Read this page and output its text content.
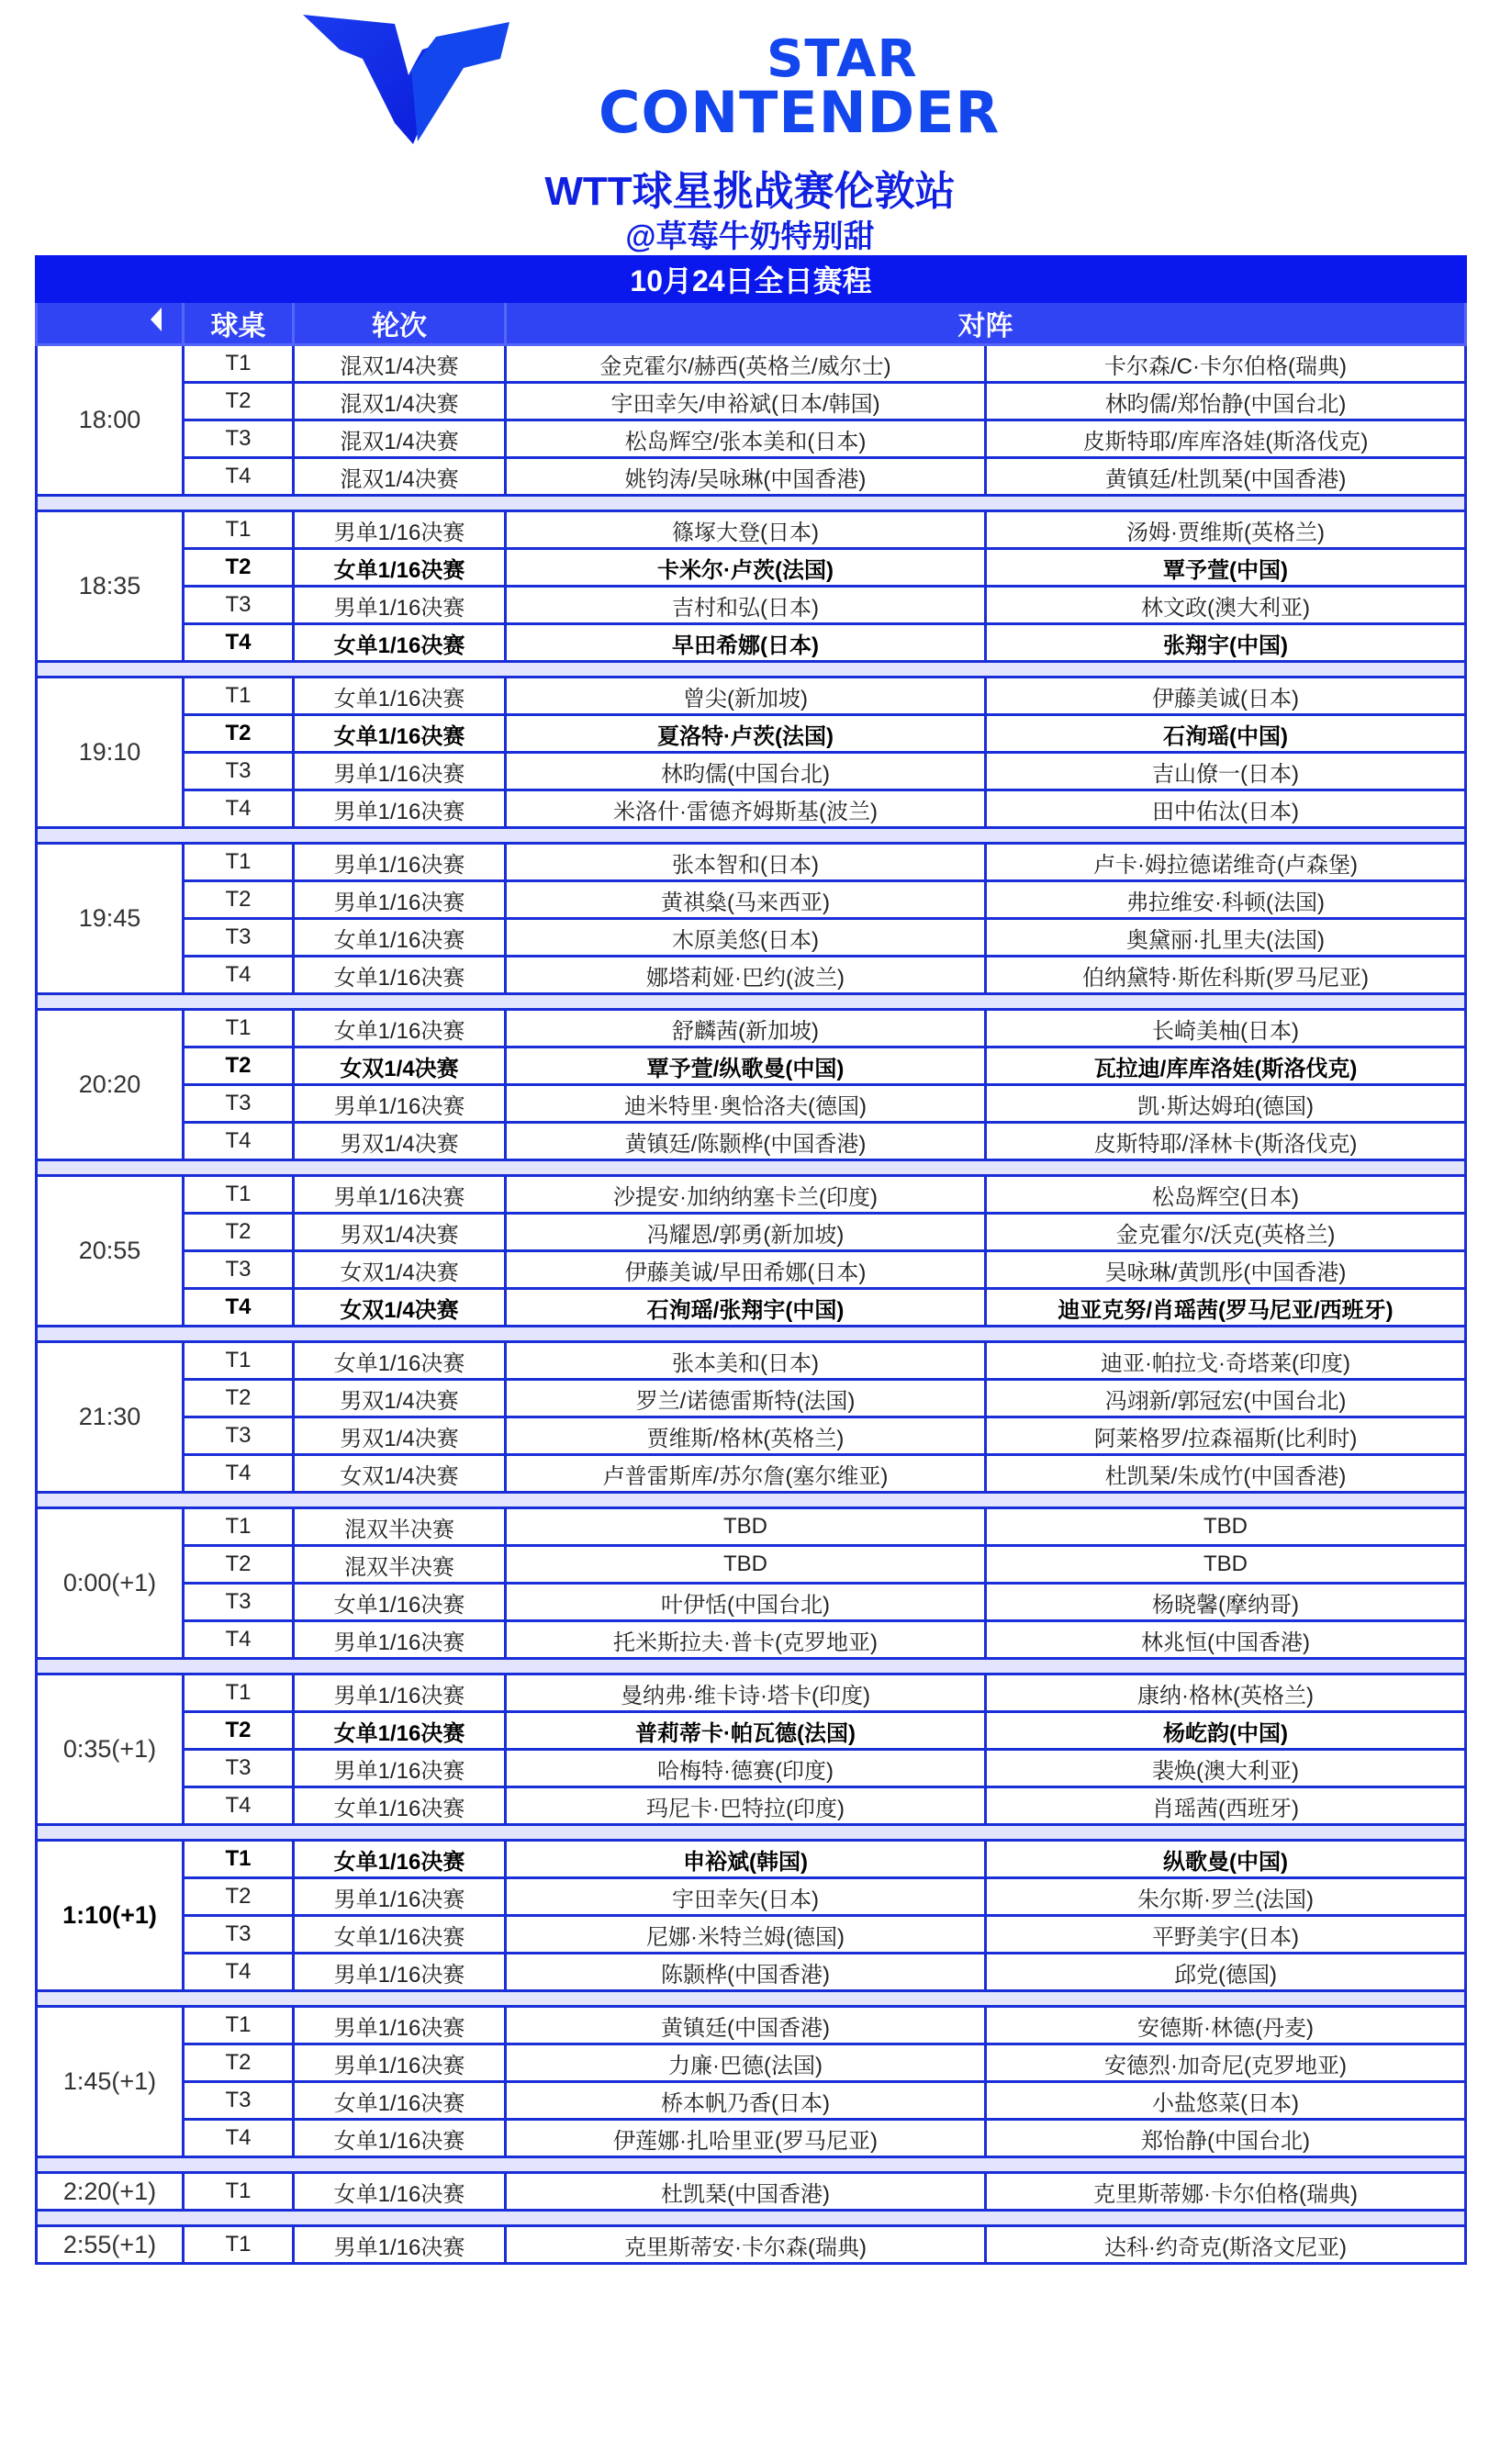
STAR
CONTENDER
WTT球星挑战赛伦敦站
@草莓牛奶特别甜
10月24日全日赛程				
	球桌	轮次	对阵	
18:00	T1	混双1/4决赛	金克霍尔/赫西(英格兰/威尔士)	卡尔森/C·卡尔伯格(瑞典)
	T2	混双1/4决赛	宇田幸矢/申裕斌(日本/韩国)	林昀儒/郑怡静(中国台北)
	T3	混双1/4决赛	松岛辉空/张本美和(日本)	皮斯特耶/库库洛娃(斯洛伐克)
	T4	混双1/4决赛	姚钧涛/吴咏琳(中国香港)	黄镇廷/杜凯琹(中国香港)

18:35	T1	男单1/16决赛	篠塚大登(日本)	汤姆·贾维斯(英格兰)
	T2	女单1/16决赛	卡米尔·卢茨(法国)	覃予萱(中国)
	T3	男单1/16决赛	吉村和弘(日本)	林文政(澳大利亚)
	T4	女单1/16决赛	早田希娜(日本)	张翔宇(中国)

19:10	T1	女单1/16决赛	曾尖(新加坡)	伊藤美诚(日本)
	T2	女单1/16决赛	夏洛特·卢茨(法国)	石洵瑶(中国)
	T3	男单1/16决赛	林昀儒(中国台北)	吉山僚一(日本)
	T4	男单1/16决赛	米洛什·雷德齐姆斯基(波兰)	田中佑汰(日本)

19:45	T1	男单1/16决赛	张本智和(日本)	卢卡·姆拉德诺维奇(卢森堡)
	T2	男单1/16决赛	黄祺燊(马来西亚)	弗拉维安·科顿(法国)
	T3	女单1/16决赛	木原美悠(日本)	奥黛丽·扎里夫(法国)
	T4	女单1/16决赛	娜塔莉娅·巴约(波兰)	伯纳黛特·斯佐科斯(罗马尼亚)

20:20	T1	女单1/16决赛	舒麟茜(新加坡)	长崎美柚(日本)
	T2	女双1/4决赛	覃予萱/纵歌曼(中国)	瓦拉迪/库库洛娃(斯洛伐克)
	T3	男单1/16决赛	迪米特里·奥恰洛夫(德国)	凯·斯达姆珀(德国)
	T4	男双1/4决赛	黄镇廷/陈颢桦(中国香港)	皮斯特耶/泽林卡(斯洛伐克)

20:55	T1	男单1/16决赛	沙提安·加纳纳塞卡兰(印度)	松岛辉空(日本)
	T2	男双1/4决赛	冯耀恩/郭勇(新加坡)	金克霍尔/沃克(英格兰)
	T3	女双1/4决赛	伊藤美诚/早田希娜(日本)	吴咏琳/黄凯彤(中国香港)
	T4	女双1/4决赛	石洵瑶/张翔宇(中国)	迪亚克努/肖瑶茜(罗马尼亚/西班牙)

21:30	T1	女单1/16决赛	张本美和(日本)	迪亚·帕拉戈·奇塔莱(印度)
	T2	男双1/4决赛	罗兰/诺德雷斯特(法国)	冯翊新/郭冠宏(中国台北)
	T3	男双1/4决赛	贾维斯/格林(英格兰)	阿莱格罗/拉森福斯(比利时)
	T4	女双1/4决赛	卢普雷斯库/苏尔詹(塞尔维亚)	杜凯琹/朱成竹(中国香港)

0:00(+1)	T1	混双半决赛	TBD	TBD
	T2	混双半决赛	TBD	TBD
	T3	女单1/16决赛	叶伊恬(中国台北)	杨晓馨(摩纳哥)
	T4	男单1/16决赛	托米斯拉夫·普卡(克罗地亚)	林兆恒(中国香港)

0:35(+1)	T1	男单1/16决赛	曼纳弗·维卡诗·塔卡(印度)	康纳·格林(英格兰)
	T2	女单1/16决赛	普莉蒂卡·帕瓦德(法国)	杨屹韵(中国)
	T3	男单1/16决赛	哈梅特·德赛(印度)	裴焕(澳大利亚)
	T4	女单1/16决赛	玛尼卡·巴特拉(印度)	肖瑶茜(西班牙)

1:10(+1)	T1	女单1/16决赛	申裕斌(韩国)	纵歌曼(中国)
	T2	男单1/16决赛	宇田幸矢(日本)	朱尔斯·罗兰(法国)
	T3	女单1/16决赛	尼娜·米特兰姆(德国)	平野美宇(日本)
	T4	男单1/16决赛	陈颢桦(中国香港)	邱党(德国)

1:45(+1)	T1	男单1/16决赛	黄镇廷(中国香港)	安德斯·林德(丹麦)
	T2	男单1/16决赛	力廉·巴德(法国)	安德烈·加奇尼(克罗地亚)
	T3	女单1/16决赛	桥本帆乃香(日本)	小盐悠菜(日本)
	T4	女单1/16决赛	伊莲娜·扎哈里亚(罗马尼亚)	郑怡静(中国台北)

2:20(+1)	T1	女单1/16决赛	杜凯琹(中国香港)	克里斯蒂娜·卡尔伯格(瑞典)

2:55(+1)	T1	男单1/16决赛	克里斯蒂安·卡尔森(瑞典)	达科·约奇克(斯洛文尼亚)
